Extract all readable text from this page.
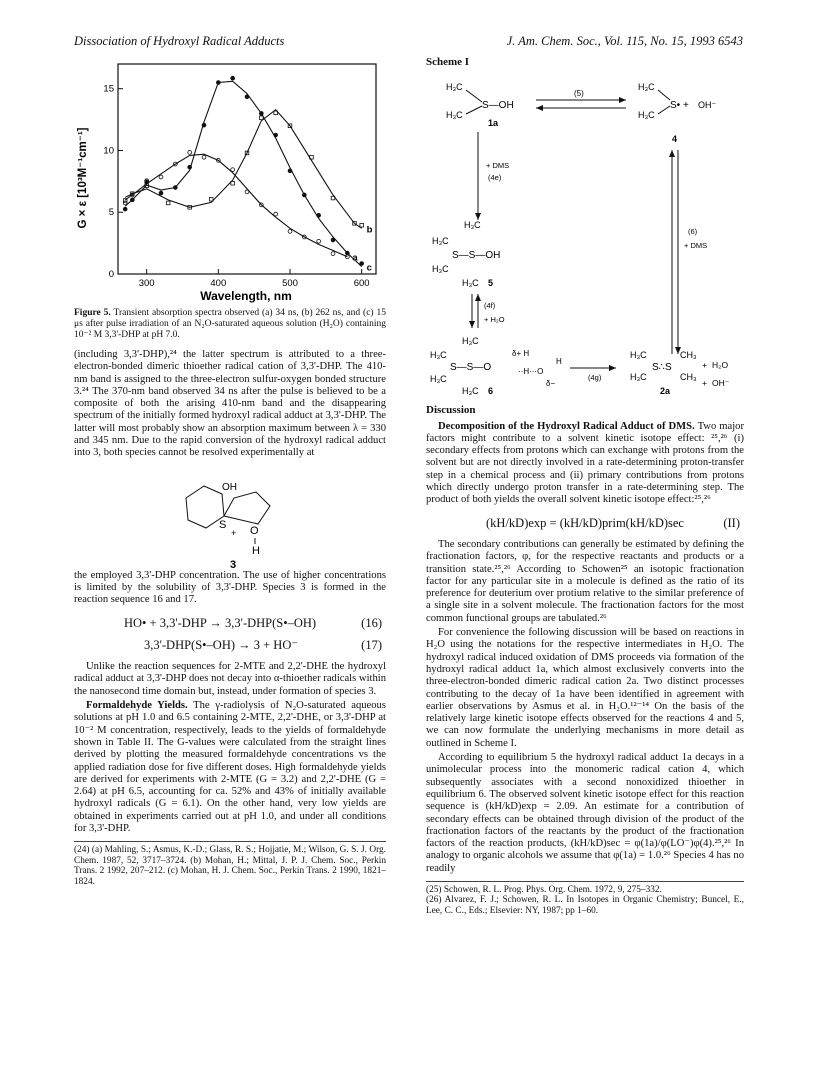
Dissociation of Hydroxyl Radical Adducts	J. Am. Chem. Soc., Vol. 115, No. 15, 1993 6543
300	400	500	600
0
5
10
15
a
b
c
Wavelength, nm
G × ε [10³M⁻¹cm⁻¹]
Figure 5. Transient absorption spectra observed (a) 34 ns, (b) 262 ns, and (c) 15 μs after pulse irradiation of an N₂O-saturated aqueous solution (H₂O) containing 10⁻² M 3,3'-DHP at pH 7.0.

(including 3,3'-DHP),²⁴ the latter spectrum is attributed to a three-electron-bonded dimeric thioether radical cation of 3,3'-DHP. The 410-nm band is assigned to the three-electron sulfur-oxygen bonded structure 3.²⁴ The 370-nm band observed 34 ns after the pulse is believed to be a composite of both the arising 410-nm band and the disappearing spectrum of the initially formed hydroxyl radical adduct at 3,3'-DHP. The latter will most probably show an absorption maximum between λ = 330 and 345 nm. Due to the rapid conversion of the hydroxyl radical adduct into 3, both species cannot be resolved experimentally at

OH
S
+ O
H
3

the employed 3,3'-DHP concentration. The use of higher concentrations is limited by the solubility of 3,3'-DHP. Species 3 is formed in the reaction sequence 16 and 17.

HO• + 3,3'-DHP → 3,3'-DHP(S•–OH)	(16)
3,3'-DHP(S•–OH) → 3 + HO⁻	(17)

Unlike the reaction sequences for 2-MTE and 2,2'-DHE the hydroxyl radical adduct at 3,3'-DHP does not decay into α-thioether radicals within the nanosecond time domain but, instead, under formation of species 3.

Formaldehyde Yields. The γ-radiolysis of N₂O-saturated aqueous solutions at pH 1.0 and 6.5 containing 2-MTE, 2,2'-DHE, or 3,3'-DHP at 10⁻² M concentration, respectively, leads to the yields of formaldehyde shown in Table II. The G-values were calculated from the straight lines derived by plotting the measured formaldehyde concentrations vs the applied radiation dose for five different doses. High formaldehyde yields are derived for experiments with 2-MTE (G = 3.2) and 2,2'-DHE (G = 2.64) at pH 6.5, accounting for ca. 52% and 43% of initially available hydroxyl radicals (G = 6.1). On the other hand, very low yields are obtained in experiments carried out at pH 1.0, and under all conditions for 3,3'-DHP.

(24) (a) Mahling, S.; Asmus, K.-D.; Glass, R. S.; Hojjatie, M.; Wilson, G. S. J. Org. Chem. 1987, 52, 3717–3724. (b) Mohan, H.; Mittal, J. P. J. Chem. Soc., Perkin Trans. 2 1992, 207–212. (c) Mohan, H. J. Chem. Soc., Perkin Trans. 2 1990, 1821–1824.

Scheme I
H₃C
H₃C
S—OH
1a
(5)
H₃C
H₃C
S• + OH⁻
4
+ DMS
(4e)
(6)
+ DMS
H₃C
H₃C
H₃C
S—S—OH
H₃C 5
(4f)
+ H₂O
H₃C
H₃C
H₃C
S—S—O
δ+ H
··H···O
H
δ−
H₃C 6
(4g)
H₃C
H₃C
S∴S
CH₃
CH₃
2a
H₂O
OH⁻
+
+
Discussion

Decomposition of the Hydroxyl Radical Adduct of DMS. Two major factors might contribute to a solvent kinetic isotope effect: ²⁵,²⁶ (i) secondary effects from protons which can exchange with protons from the solvent but are not directly involved in a rate-determining proton-transfer step in a chemical process and (ii) primary contributions from protons which directly undergo proton transfer in a rate-determining step. The product of both yields the overall solvent kinetic isotope effect:²⁵,²⁶

(kH/kD)exp = (kH/kD)prim(kH/kD)sec	(II)

The secondary contributions can generally be estimated by defining the fractionation factors, φ, for the respective reactants and products or a transition state.²⁵,²⁶ According to Schowen²⁵ an isotopic fractionation factor for any particular site in a molecule is defined as the ratio of its preference for deuterium over protium relative to the similar preference of a single site in a solvent molecule. The fractionation factors for the most common functional groups are tabulated.²⁶

For convenience the following discussion will be based on reactions in H₂O using the notations for the respective intermediates in H₂O. The hydroxyl radical induced oxidation of DMS proceeds via formation of the hydroxyl radical adduct 1a, which almost exclusively converts into the three-electron-bonded dimeric radical cation 2a. Two distinct processes contributing to the decay of 1a have been identified in agreement with earlier observations by Asmus et al. in H₂O.¹²⁻¹⁴ On the basis of the relatively large kinetic isotope effects observed for the reactions 4 and 5, we can now formulate the underlying mechanisms in more detail as outlined in Scheme I.

According to equilibrium 5 the hydroxyl radical adduct 1a decays in a unimolecular process into the monomeric radical cation 4, which subsequently associates with a second nonoxidized thioether in equilibrium 6. The observed solvent kinetic isotope effect for this reaction sequence is (kH/kD)exp = 2.09. An estimate for a contribution of secondary effects can be obtained through division of the product of the fractionation factors of the reactants by the product of the fractionation factors of the reaction products, (kH/kD)sec = φ(1a)/φ(LO⁻)φ(4).²⁵,²⁶ In analogy to organic alcohols we assume that φ(1a) = 1.0.²⁶ Species 4 has no readily

(25) Schowen, R. L. Prog. Phys. Org. Chem. 1972, 9, 275–332.

(26) Alvarez, F. J.; Schowen, R. L. In Isotopes in Organic Chemistry; Buncel, E., Lee, C. C., Eds.; Elsevier: NY, 1987; pp 1–60.
